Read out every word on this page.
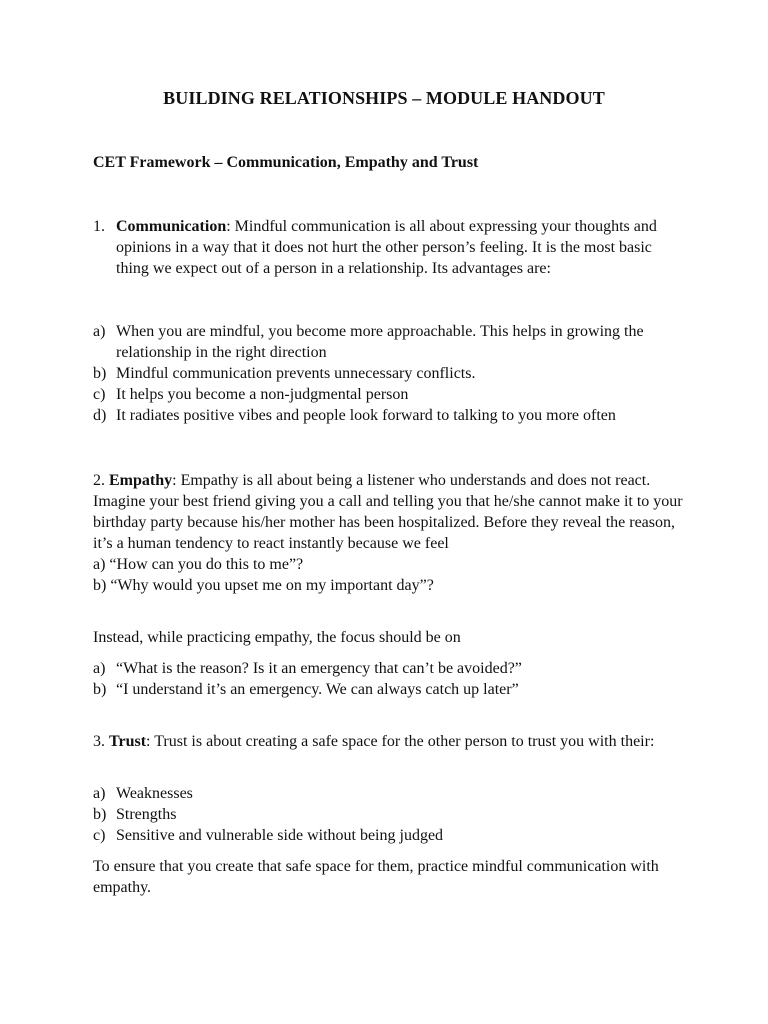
BUILDING RELATIONSHIPS – MODULE HANDOUT
CET Framework – Communication, Empathy and Trust
1. Communication: Mindful communication is all about expressing your thoughts and opinions in a way that it does not hurt the other person’s feeling. It is the most basic thing we expect out of a person in a relationship. Its advantages are:

a) When you are mindful, you become more approachable. This helps in growing the relationship in the right direction
b) Mindful communication prevents unnecessary conflicts.
c) It helps you become a non-judgmental person
d) It radiates positive vibes and people look forward to talking to you more often

2. Empathy: Empathy is all about being a listener who understands and does not react. Imagine your best friend giving you a call and telling you that he/she cannot make it to your birthday party because his/her mother has been hospitalized. Before they reveal the reason, it’s a human tendency to react instantly because we feel

a) “How can you do this to me”?

b) “Why would you upset me on my important day”?

Instead, while practicing empathy, the focus should be on
a) “What is the reason? Is it an emergency that can’t be avoided?”
b) “I understand it’s an emergency. We can always catch up later”

3. Trust: Trust is about creating a safe space for the other person to trust you with their:

a) Weaknesses
b) Strengths
c) Sensitive and vulnerable side without being judged
To ensure that you create that safe space for them, practice mindful communication with empathy.
